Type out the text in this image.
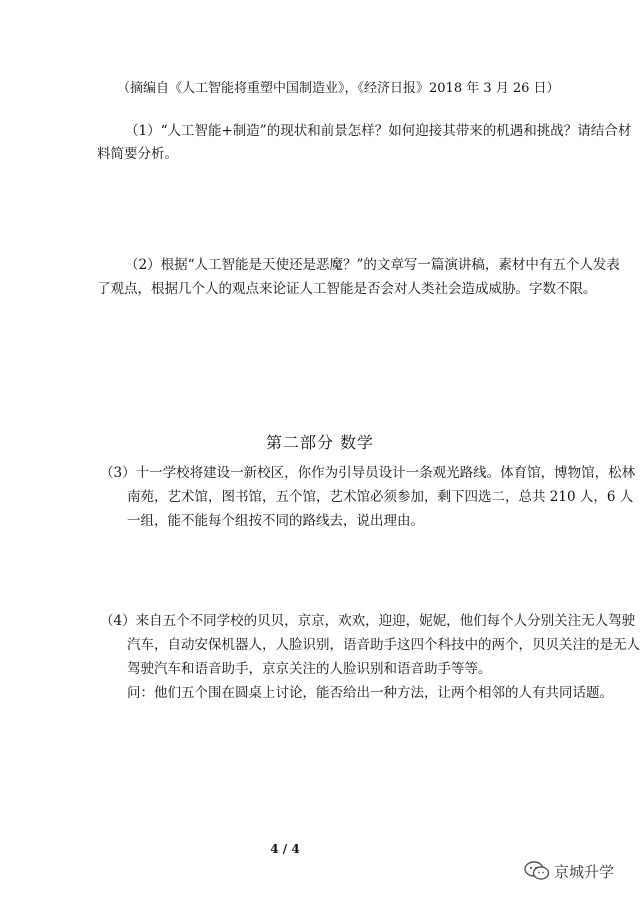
（摘编自《人工智能将重塑中国制造业》，《经济日报》2018 年 3 月 26 日）
（1）“人工智能+制造”的现状和前景怎样？如何迎接其带来的机遇和挑战？请结合材
料简要分析。
（2）根据“人工智能是天使还是恶魔？”的文章写一篇演讲稿，素材中有五个人发表
了观点，根据几个人的观点来论证人工智能是否会对人类社会造成威胁。字数不限。
第二部分 数学
（3）十一学校将建设一新校区，你作为引导员设计一条观光路线。体育馆，博物馆，松林
南苑，艺术馆，图书馆，五个馆，艺术馆必须参加，剩下四选二，总共 210 人，6 人
一组，能不能每个组按不同的路线去，说出理由。
（4）来自五个不同学校的贝贝，京京，欢欢，迎迎，妮妮，他们每个人分别关注无人驾驶
汽车，自动安保机器人，人脸识别，语音助手这四个科技中的两个，贝贝关注的是无人
驾驶汽车和语音助手，京京关注的人脸识别和语音助手等等。
问：他们五个围在圆桌上讨论，能否给出一种方法，让两个相邻的人有共同话题。
4 / 4
京城升学
